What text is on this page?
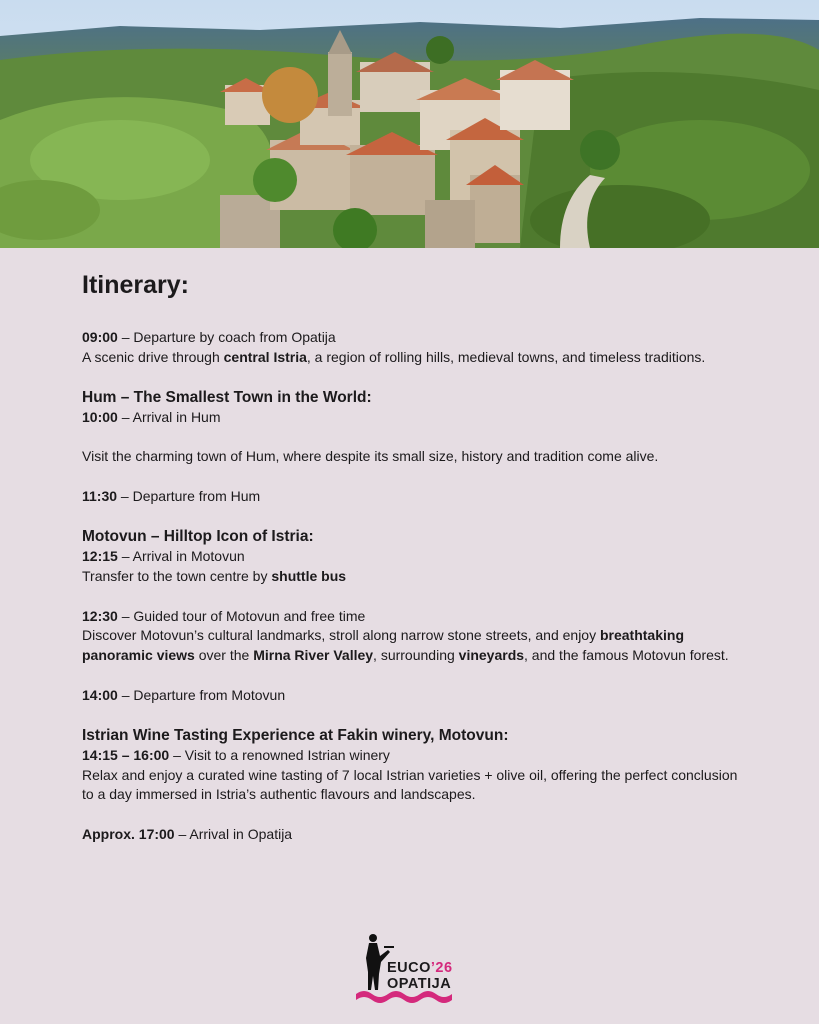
Itinerary:

09:00 – Departure by coach from Opatija

A scenic drive through central Istria, a region of rolling hills, medieval towns, and timeless traditions.

Hum – The Smallest Town in the World:

10:00 – Arrival in Hum

Visit the charming town of Hum, where despite its small size, history and tradition come alive.

11:30 – Departure from Hum

Motovun – Hilltop Icon of Istria:

12:15 – Arrival in Motovun

Transfer to the town centre by shuttle bus

12:30 – Guided tour of Motovun and free time

Discover Motovun’s cultural landmarks, stroll along narrow stone streets, and enjoy breathtaking panoramic views over the Mirna River Valley, surrounding vineyards, and the famous Motovun forest.

14:00 – Departure from Motovun

Istrian Wine Tasting Experience at Fakin winery, Motovun:

14:15 – 16:00 – Visit to a renowned Istrian winery

Relax and enjoy a curated wine tasting of 7 local Istrian varieties + olive oil, offering the perfect conclusion to a day immersed in Istria’s authentic flavours and landscapes.

Approx. 17:00 – Arrival in Opatija

EUCO’26
OPATIJA
